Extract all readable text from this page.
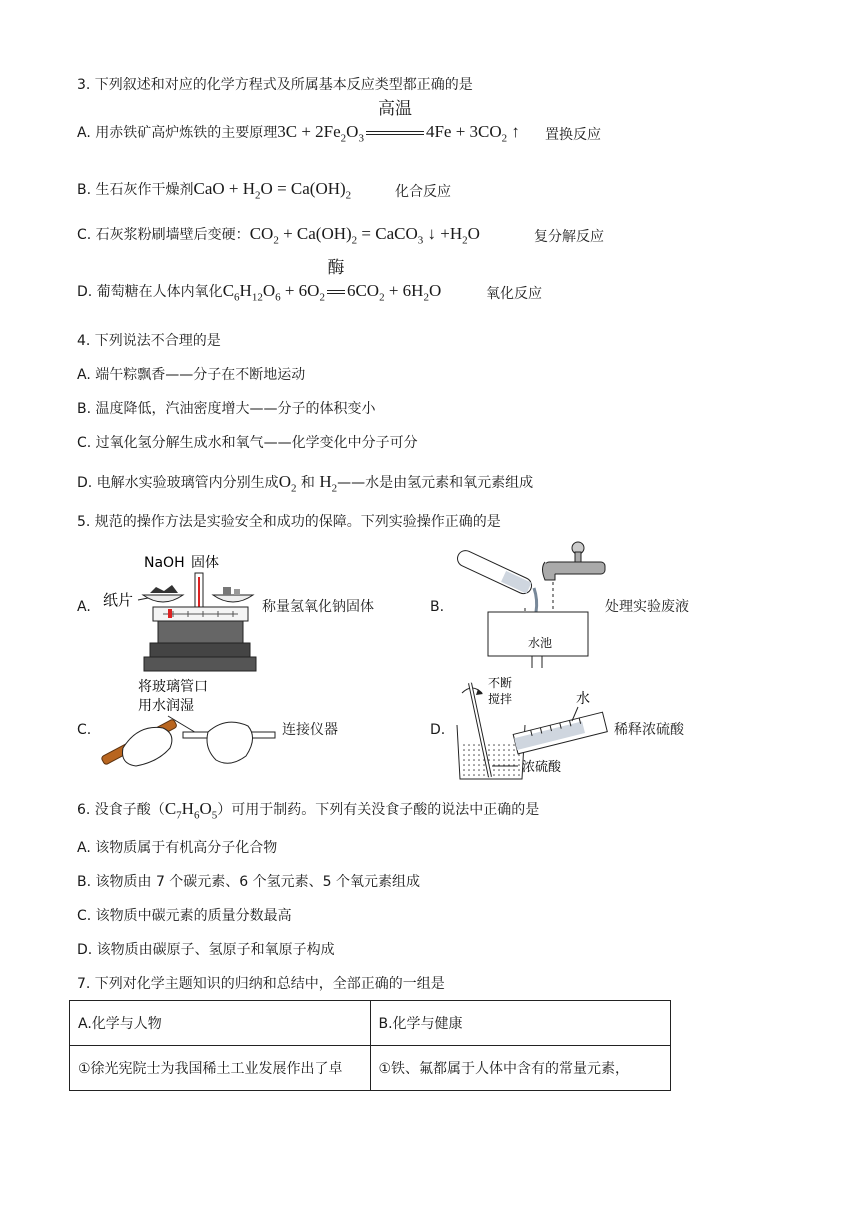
3. 下列叙述和对应的化学方程式及所属基本反应类型都正确的是
A. 用赤铁矿高炉炼铁的主要原理$3C + 2Fe_2O_3$
高温
$4Fe + 3CO_2$ ↑ 置换反应
B. 生石灰作干燥剂CaO + $H_2O = Ca(OH)_2$	化合反应
C. 石灰浆粉刷墙壁后变硬：$CO_2 + Ca(OH)_2$ = CaCO$_3$ ↓ $+H_2O$	复分解反应
D. 葡萄糖在人体内氧化$C_6H_{12}O_6 + 6O_2$
酶
$6CO_2 + 6H_2O$	氧化反应
4. 下列说法不合理的是
A. 端午粽飘香——分子在不断地运动
B. 温度降低，汽油密度增大——分子的体积变小
C. 过氧化氢分解生成水和氧气——化学变化中分子可分
D. 电解水实验玻璃管内分别生成$O_2$ 和 $H_2——$水是由氢元素和氧元素组成
5. 规范的操作方法是实验安全和成功的保障。下列实验操作正确的是
A.
NaOH 固体
纸片	称量氢氧化钠固体	B.
水池
处理实验废液
C.
将玻璃管口
用水润湿
连接仪器	D.
不断
搅拌	水
浓硫酸
稀释浓硫酸
6. 没食子酸$(C_7H_6O_5)$可用于制药。下列有关没食子酸的说法中正确的是
A. 该物质属于有机高分子化合物
B. 该物质由 7 个碳元素、6 个氢元素、5 个氧元素组成
C. 该物质中碳元素的质量分数最高
D. 该物质由碳原子、氢原子和氧原子构成
7. 下列对化学主题知识的归纳和总结中，全部正确的一组是
A.化学与人物	B.化学与健康
①徐光宪院士为我国稀土工业发展作出了卓	①铁、氟都属于人体中含有的常量元素，
